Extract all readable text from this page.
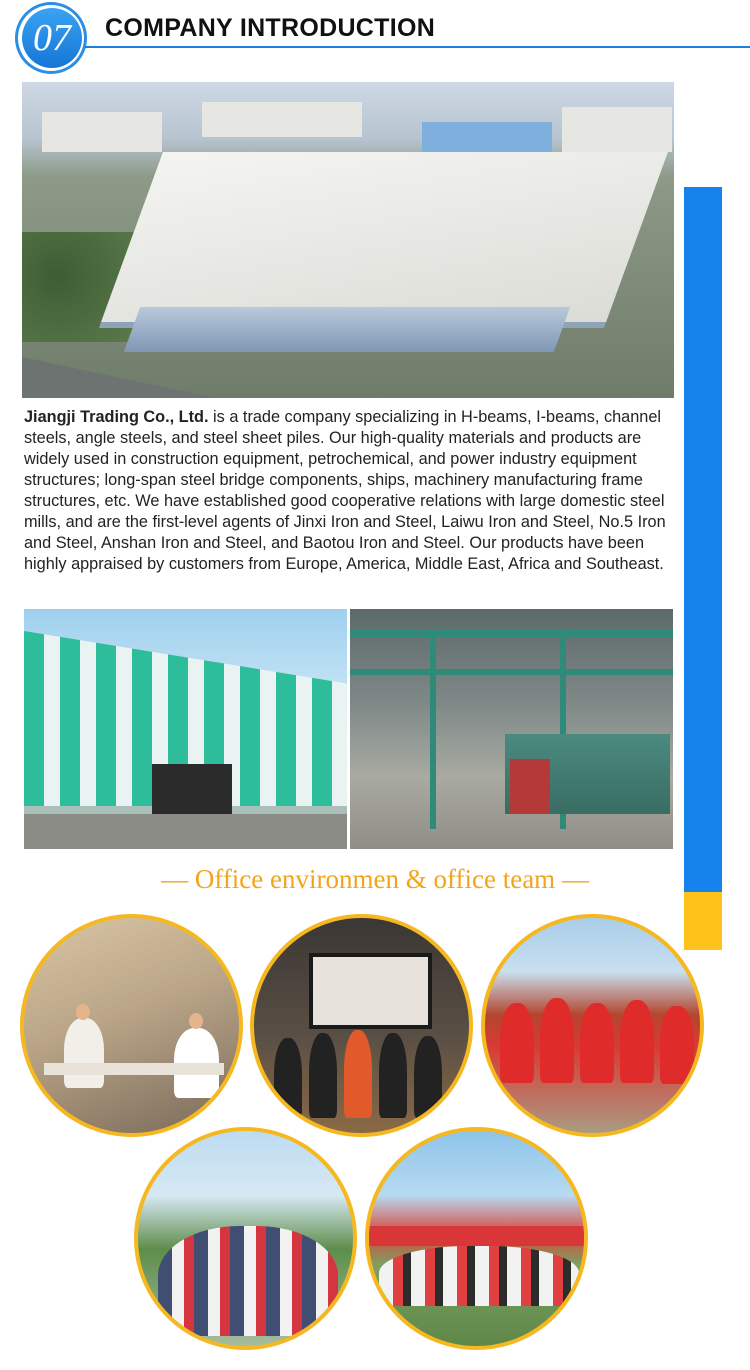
07	COMPANY INTRODUCTION
Jiangji Trading Co., Ltd. is a trade company specializing in H-beams, I-beams, channel steels, angle steels, and steel sheet piles. Our high-quality materials and products are widely used in construction equipment, petrochemical, and power industry equipment structures; long-span steel bridge components, ships, machinery manufacturing frame structures, etc. We have established good cooperative relations with large domestic steel mills, and are the first-level agents of Jinxi Iron and Steel, Laiwu Iron and Steel, No.5 Iron and Steel, Anshan Iron and Steel, and Baotou Iron and Steel. Our products have been highly appraised by customers from Europe, America, Middle East, Africa and Southeast.
— Office environmen & office team —
